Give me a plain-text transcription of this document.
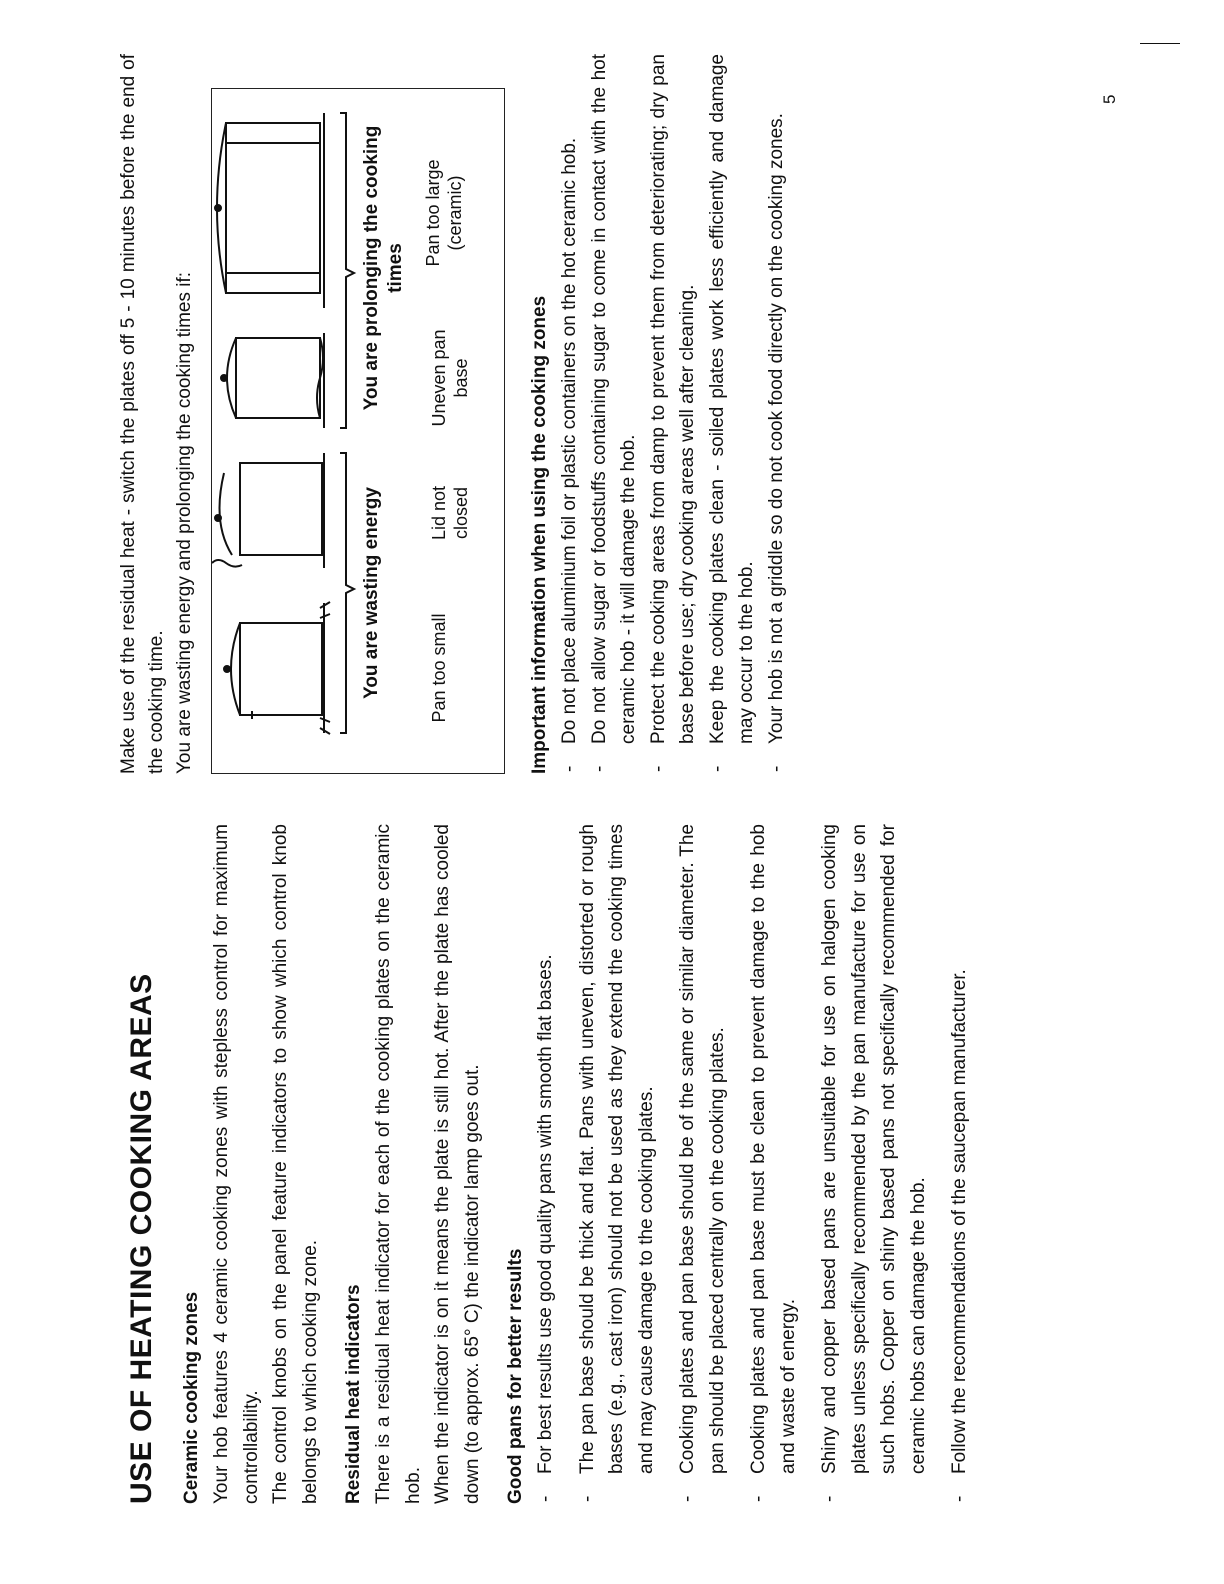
USE OF HEATING COOKING AREAS Ceramic cooking zones Your hob features 4 ceramic cooking zones with stepless control for maximum controllability. The control knobs on the panel feature indicators to show which control knob belongs to which cooking zone. Residual heat indicators There is a residual heat indicator for each of the cooking plates on the ceramic hob. When the indicator is on it means the plate is still hot. After the plate has cooled down (to approx. 65° C) the indicator lamp goes out. Good pans for better results - For best results use good quality pans with smooth flat bases. - The pan base should be thick and flat. Pans with uneven, distorted or rough bases (e.g., cast iron) should not be used as they extend the cooking times and may cause damage to the cooking plates. - Cooking plates and pan base should be of the same or similar diameter. The pan should be placed centrally on the cooking plates. - Cooking plates and pan base must be clean to prevent damage to the hob and waste of energy. - Shiny and copper based pans are unsuitable for use on halogen cooking plates unless specifically recommended by the pan manufacture for use on such hobs. Copper on shiny based pans not specifically recommended for ceramic hobs can damage the hob. - Follow the recommendations of the saucepan manufacturer.

Make use of the residual heat - switch the plates off 5 - 10 minutes before the end of the cooking time. You are wasting energy and prolonging the cooking times if:	You are wasting energy
You are prolonging the cooking times
Pan too small
Lid not closed
Uneven pan base
Pan too large (ceramic)
Important information when using the cooking zones - Do not place aluminium foil or plastic containers on the hot ceramic hob. - Do not allow sugar or foodstuffs containing sugar to come in contact with the hot ceramic hob - it will damage the hob. - Protect the cooking areas from damp to prevent them from deteriorating; dry pan base before use; dry cooking areas well after cleaning. - Keep the cooking plates clean - soiled plates work less efficiently and damage may occur to the hob. - Your hob is not a griddle so do not cook food directly on the cooking zones.
5
